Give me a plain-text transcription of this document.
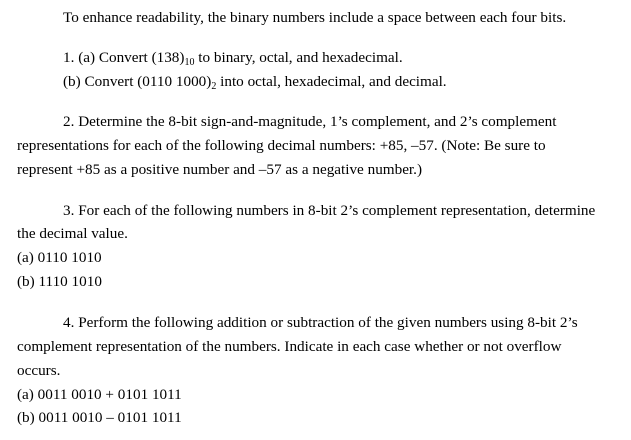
To enhance readability, the binary numbers include a space between each four bits.
1. (a) Convert $(138)_{10}$ to binary, octal, and hexadecimal.
(b) Convert (0110 $1000)_2$ into octal, hexadecimal, and decimal.
2. Determine the 8-bit sign-and-magnitude, 1’s complement, and 2’s complement
representations for each of the following decimal numbers: +85, –57. (Note: Be sure to
represent +85 as a positive number and –57 as a negative number.)
3. For each of the following numbers in 8-bit 2’s complement representation, determine
the decimal value.
(a) 0110 1010
(b) 1110 1010
4. Perform the following addition or subtraction of the given numbers using 8-bit 2’s
complement representation of the numbers. Indicate in each case whether or not overflow
occurs.
(a) 0011 0010 + 0101 1011
(b) 0011 0010 – 0101 1011
